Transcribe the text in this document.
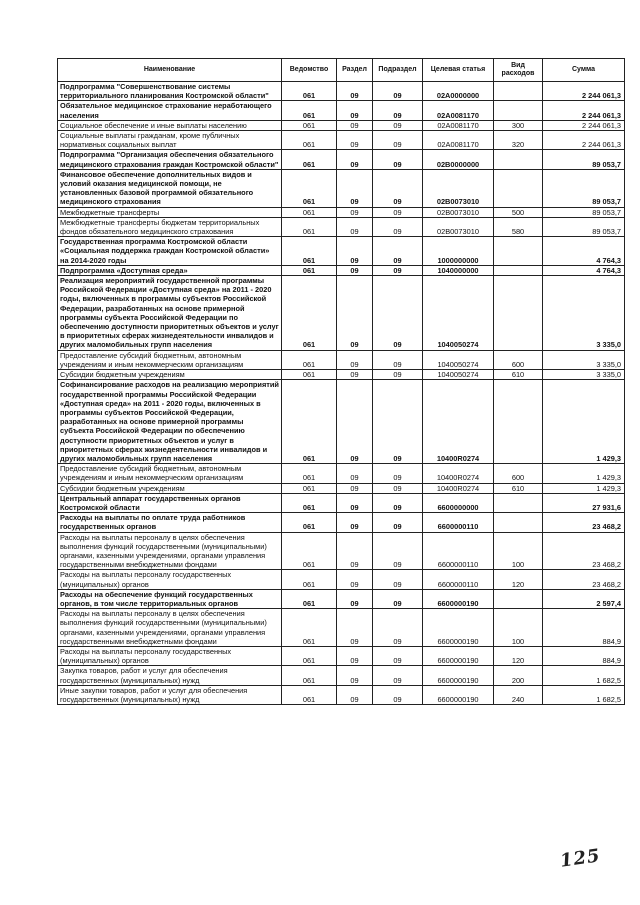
Наименование	Ведомство	Раздел	Подраздел	Целевая статья	Вид расходов	Сумма
Подпрограмма "Совершенствование системы территориального планирования Костромской области"	061	09	09	02А0000000		2 244 061,3
Обязательное медицинское страхование неработающего населения	061	09	09	02А0081170		2 244 061,3
Социальное обеспечение и иные выплаты населению	061	09	09	02А0081170	300	2 244 061,3
Социальные выплаты гражданам, кроме публичных нормативных социальных выплат	061	09	09	02А0081170	320	2 244 061,3
Подпрограмма "Организация обеспечения обязательного медицинского страхования граждан Костромской области"	061	09	09	02В0000000		89 053,7
Финансовое обеспечение дополнительных видов и условий оказания медицинской помощи, не установленных базовой программой обязательного медицинского страхования	061	09	09	02В0073010		89 053,7
Межбюджетные трансферты	061	09	09	02В0073010	500	89 053,7
Межбюджетные трансферты бюджетам территориальных фондов обязательного медицинского страхования	061	09	09	02В0073010	580	89 053,7
Государственная программа Костромской области «Социальная поддержка граждан Костромской области» на 2014-2020 годы	061	09	09	1000000000		4 764,3
Подпрограмма «Доступная среда»	061	09	09	1040000000		4 764,3
Реализация мероприятий государственной программы Российской Федерации «Доступная среда» на 2011 - 2020 годы, включенных в программы субъектов Российской Федерации, разработанных на основе примерной программы субъекта Российской Федерации по обеспечению доступности приоритетных объектов и услуг в приоритетных сферах жизнедеятельности инвалидов и других маломобильных групп населения	061	09	09	1040050274		3 335,0
Предоставление субсидий бюджетным, автономным учреждениям и иным некоммерческим организациям	061	09	09	1040050274	600	3 335,0
Субсидии бюджетным учреждениям	061	09	09	1040050274	610	3 335,0
Софинансирование расходов на реализацию мероприятий государственной программы Российской Федерации «Доступная среда» на 2011 - 2020 годы, включенных в программы субъектов Российской Федерации, разработанных на основе примерной программы субъекта Российской Федерации по обеспечению доступности приоритетных объектов и услуг в приоритетных сферах жизнедеятельности инвалидов и других маломобильных групп населения	061	09	09	10400R0274		1 429,3
Предоставление субсидий бюджетным, автономным учреждениям и иным некоммерческим организациям	061	09	09	10400R0274	600	1 429,3
Субсидии бюджетным учреждениям	061	09	09	10400R0274	610	1 429,3
Центральный аппарат государственных органов Костромской области	061	09	09	6600000000		27 931,6
Расходы на выплаты по оплате труда работников государственных органов	061	09	09	6600000110		23 468,2
Расходы на выплаты персоналу в целях обеспечения выполнения функций государственными (муниципальными) органами, казенными учреждениями, органами управления государственными внебюджетными фондами	061	09	09	6600000110	100	23 468,2
Расходы на выплаты персоналу государственных (муниципальных) органов	061	09	09	6600000110	120	23 468,2
Расходы на обеспечение функций государственных органов, в том числе территориальных органов	061	09	09	6600000190		2 597,4
Расходы на выплаты персоналу в целях обеспечения выполнения функций государственными (муниципальными) органами, казенными учреждениями, органами управления государственными внебюджетными фондами	061	09	09	6600000190	100	884,9
Расходы на выплаты персоналу государственных (муниципальных) органов	061	09	09	6600000190	120	884,9
Закупка товаров, работ и услуг для обеспечения государственных (муниципальных) нужд	061	09	09	6600000190	200	1 682,5
Иные закупки товаров, работ и услуг для обеспечения государственных (муниципальных) нужд	061	09	09	6600000190	240	1 682,5
125
